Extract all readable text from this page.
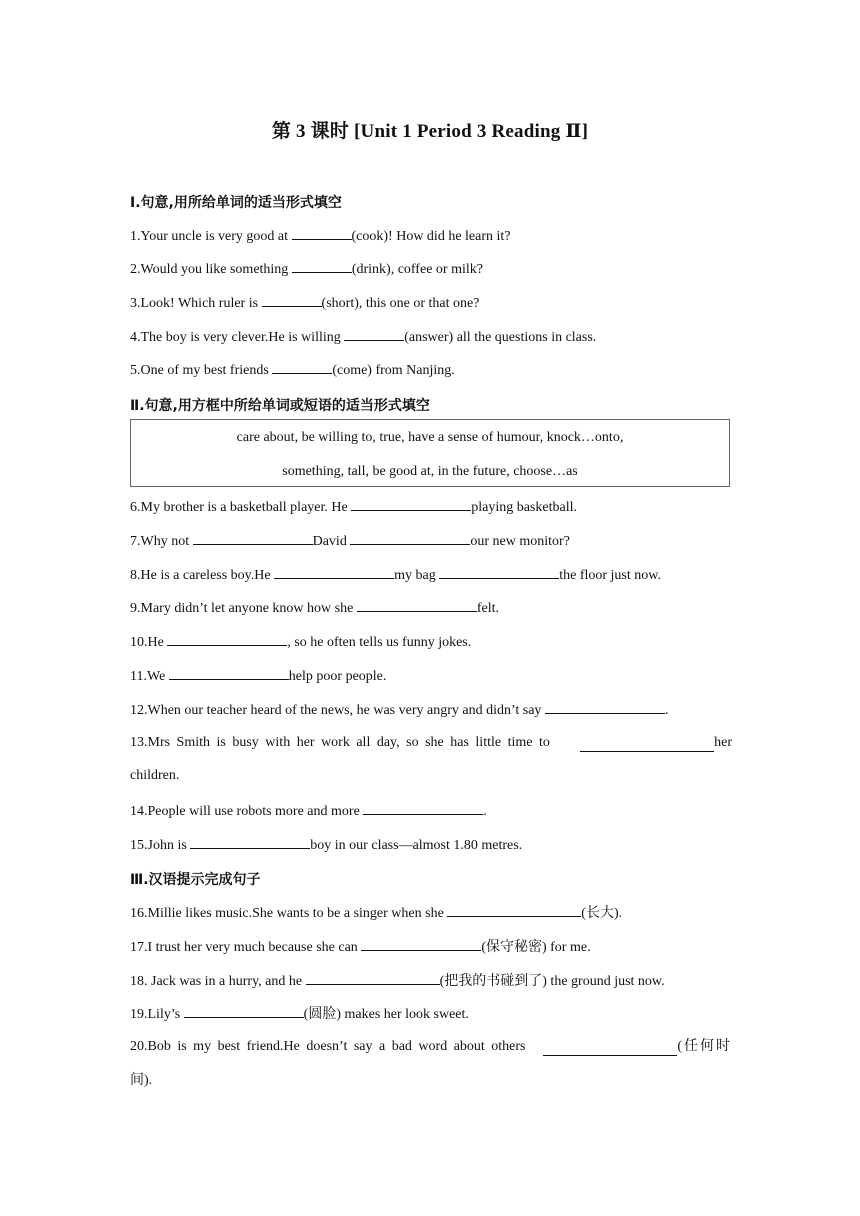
第 3 课时 [Unit 1 Period 3 Reading Ⅱ]
Ⅰ.句意,用所给单词的适当形式填空
1.Your uncle is very good at	(cook)! How did he learn it?
2.Would you like something	(drink), coffee or milk?
3.Look! Which ruler is	(short), this one or that one?
4.The boy is very clever.He is willing	(answer) all the questions in class.
5.One of my best friends	(come) from Nanjing.
Ⅱ.句意,用方框中所给单词或短语的适当形式填空
care about, be willing to, true, have a sense of humour, knock…onto,
something, tall, be good at, in the future, choose…as
6.My brother is a basketball player. He	playing basketball.
7.Why not	David	our new monitor?
8.He is a careless boy.He	my bag	the floor just now.
9.Mary didn’t let anyone know how she	felt.
10.He	, so he often tells us funny jokes.
11.We	help poor people.
12.When our teacher heard of the news, he was very angry and didn’t say	.
13.Mrs Smith is busy with her work all day, so she has little time to	her
children.
14.People will use robots more and more	.
15.John is	boy in our class—almost 1.80 metres.
Ⅲ.汉语提示完成句子
16.Millie likes music.She wants to be a singer when she	(长大).
17.I trust her very much because she can	(保守秘密) for me.
18. Jack was in a hurry, and he	(把我的书碰到了) the ground just now.
19.Lily’s	(圆脸) makes her look sweet.
20.Bob is my best friend.He doesn’t say a bad word about others	(任何时
间).
